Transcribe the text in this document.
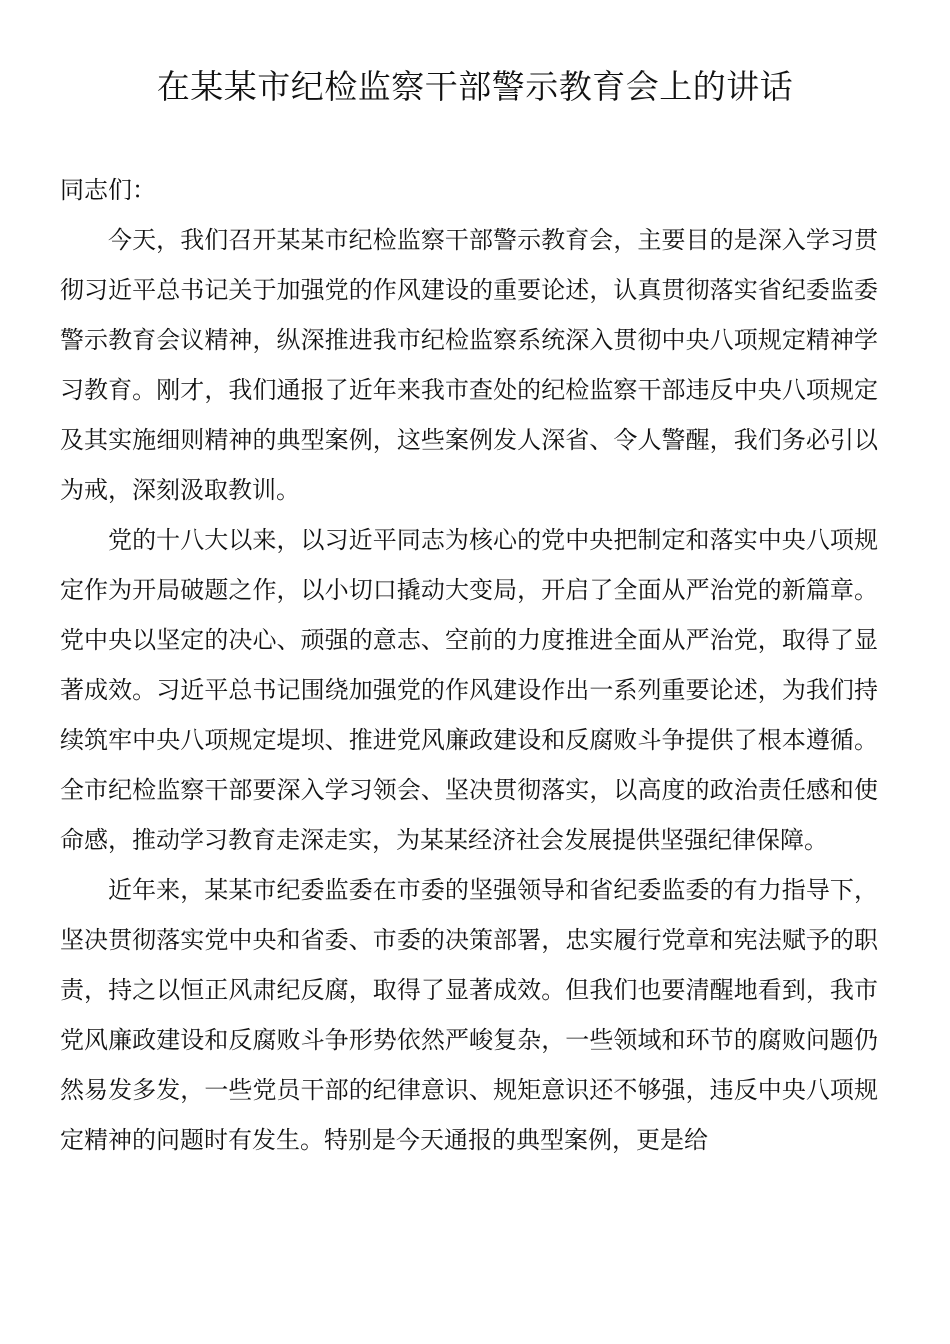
在某某市纪检监察干部警示教育会上的讲话

同志们：

今天，我们召开某某市纪检监察干部警示教育会，主要目的是深入学习贯彻习近平总书记关于加强党的作风建设的重要论述，认真贯彻落实省纪委监委警示教育会议精神，纵深推进我市纪检监察系统深入贯彻中央八项规定精神学习教育。刚才，我们通报了近年来我市查处的纪检监察干部违反中央八项规定及其实施细则精神的典型案例，这些案例发人深省、令人警醒，我们务必引以为戒，深刻汲取教训。

党的十八大以来，以习近平同志为核心的党中央把制定和落实中央八项规定作为开局破题之作，以小切口撬动大变局，开启了全面从严治党的新篇章。党中央以坚定的决心、顽强的意志、空前的力度推进全面从严治党，取得了显著成效。习近平总书记围绕加强党的作风建设作出一系列重要论述，为我们持续筑牢中央八项规定堤坝、推进党风廉政建设和反腐败斗争提供了根本遵循。全市纪检监察干部要深入学习领会、坚决贯彻落实，以高度的政治责任感和使命感，推动学习教育走深走实，为某某经济社会发展提供坚强纪律保障。

近年来，某某市纪委监委在市委的坚强领导和省纪委监委的有力指导下，坚决贯彻落实党中央和省委、市委的决策部署，忠实履行党章和宪法赋予的职责，持之以恒正风肃纪反腐，取得了显著成效。但我们也要清醒地看到，我市党风廉政建设和反腐败斗争形势依然严峻复杂，一些领域和环节的腐败问题仍然易发多发，一些党员干部的纪律意识、规矩意识还不够强，违反中央八项规定精神的问题时有发生。特别是今天通报的典型案例，更是给
